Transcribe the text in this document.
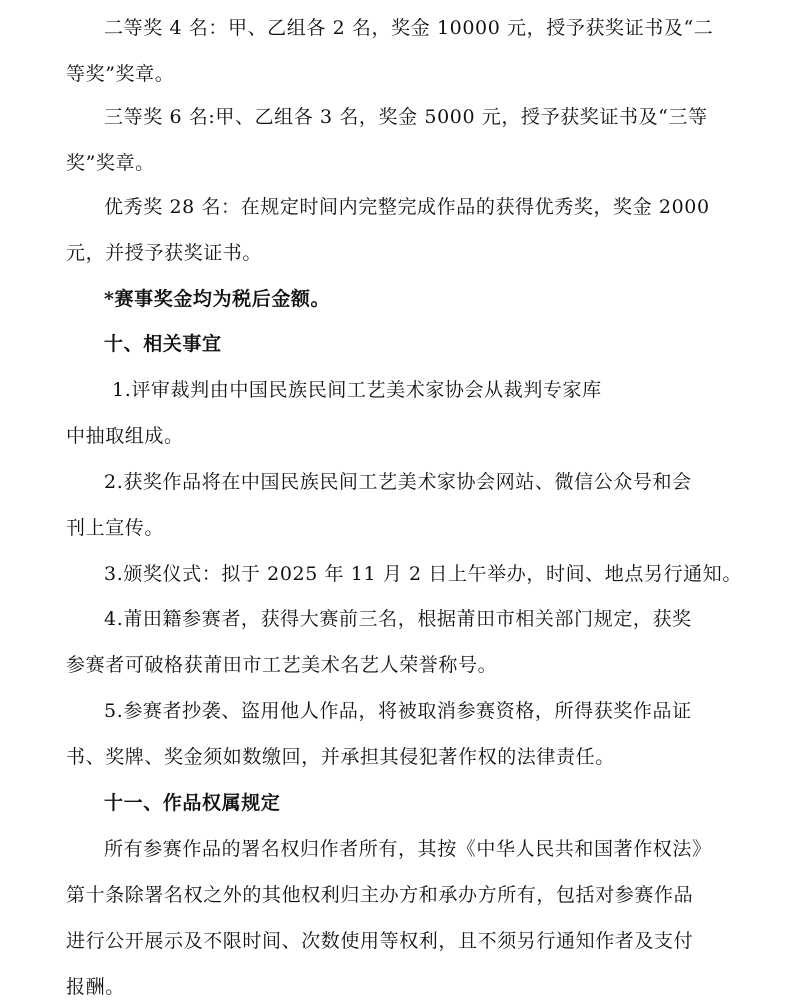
二等奖 4 名：甲、乙组各 2 名，奖金 10000 元，授予获奖证书及“二
等奖”奖章。
三等奖 6 名:甲、乙组各 3 名，奖金 5000 元，授予获奖证书及“三等
奖”奖章。
优秀奖 28 名：在规定时间内完整完成作品的获得优秀奖，奖金 2000
元，并授予获奖证书。
*赛事奖金均为税后金额。
十、相关事宜
1.评审裁判由中国民族民间工艺美术家协会从裁判专家库
中抽取组成。
2.获奖作品将在中国民族民间工艺美术家协会网站、微信公众号和会
刊上宣传。
3.颁奖仪式：拟于 2025 年 11 月 2 日上午举办，时间、地点另行通知。
4.莆田籍参赛者，获得大赛前三名，根据莆田市相关部门规定，获奖
参赛者可破格获莆田市工艺美术名艺人荣誉称号。
5.参赛者抄袭、盗用他人作品，将被取消参赛资格，所得获奖作品证
书、奖牌、奖金须如数缴回，并承担其侵犯著作权的法律责任。
十一、作品权属规定
所有参赛作品的署名权归作者所有，其按《中华人民共和国著作权法》
第十条除署名权之外的其他权利归主办方和承办方所有，包括对参赛作品
进行公开展示及不限时间、次数使用等权利，且不须另行通知作者及支付
报酬。
